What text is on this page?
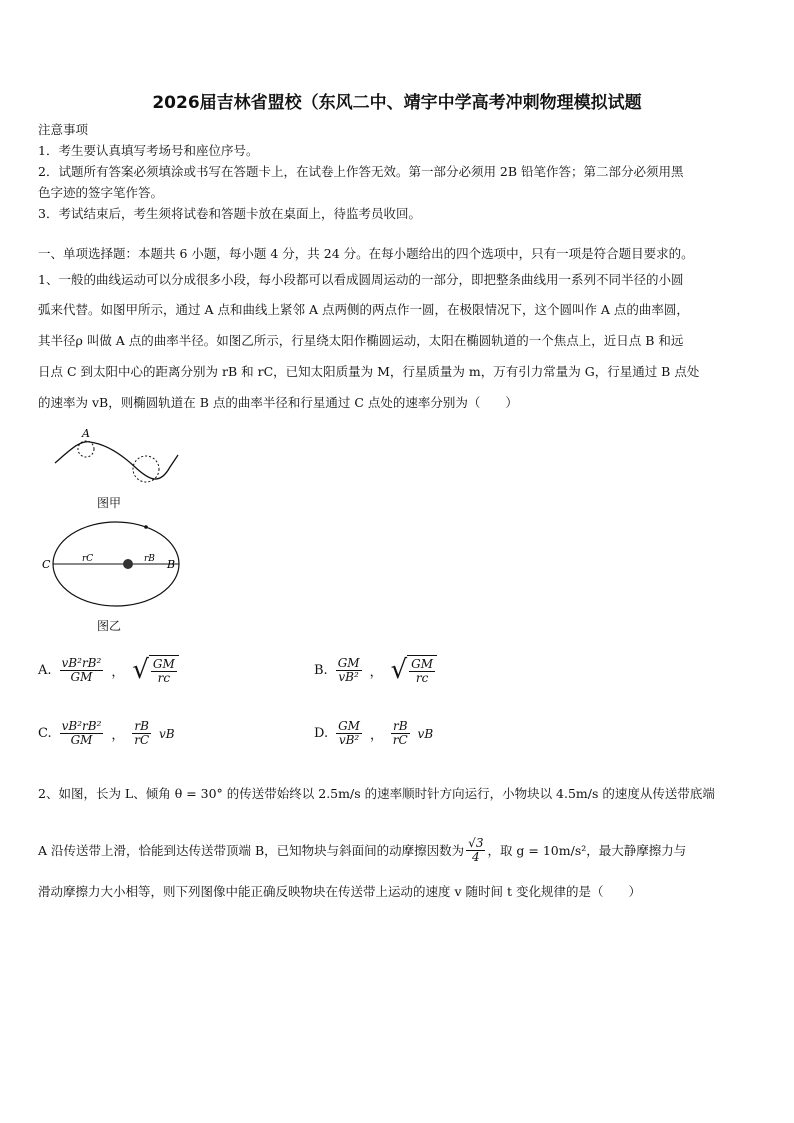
2026届吉林省盟校（东风二中、靖宇中学高考冲刺物理模拟试题
注意事项
1．考生要认真填写考场号和座位序号。
2．试题所有答案必须填涂或书写在答题卡上，在试卷上作答无效。第一部分必须用 2B 铅笔作答；第二部分必须用黑
色字迹的签字笔作答。
3．考试结束后，考生须将试卷和答题卡放在桌面上，待监考员收回。
一、单项选择题：本题共 6 小题，每小题 4 分，共 24 分。在每小题给出的四个选项中，只有一项是符合题目要求的。
1、一般的曲线运动可以分成很多小段，每小段都可以看成圆周运动的一部分，即把整条曲线用一系列不同半径的小圆
弧来代替。如图甲所示，通过 A 点和曲线上紧邻 A 点两侧的两点作一圆，在极限情况下，这个圆叫作 A 点的曲率圆，
其半径ρ 叫做 A 点的曲率半径。如图乙所示，行星绕太阳作椭圆运动，太阳在椭圆轨道的一个焦点上，近日点 B 和远
日点 C 到太阳中心的距离分别为 rB 和 rC，已知太阳质量为 M，行星质量为 m，万有引力常量为 G，行星通过 B 点处
的速率为 vB，则椭圆轨道在 B 点的曲率半径和行星通过 C 点处的速率分别为（　　）
A
图甲
C	B
rC	rB
图乙
A. $\frac{\text{vB²rB²}}{GM}$ ， √ $\frac{GM}{rc}$	B. $\frac{GM}{\text{vB²}}$ ， √ $\frac{GM}{rc}$
C. $\frac{\text{vB²rB²}}{GM}$ ， $\frac{rB}{rC}$ vB	D. $\frac{GM}{\text{vB²}}$ ， $\frac{rB}{rC}$ vB
2、如图，长为 L、倾角 θ = 30° 的传送带始终以 2.5m/s 的速率顺时针方向运行，小物块以 4.5m/s 的速度从传送带底端
A 沿传送带上滑，恰能到达传送带顶端 B，已知物块与斜面间的动摩擦因数为 $\frac{√3}{4}$ ，取 g = 10m/s²，最大静摩擦力与
滑动摩擦力大小相等，则下列图像中能正确反映物块在传送带上运动的速度 v 随时间 t 变化规律的是（　　）
